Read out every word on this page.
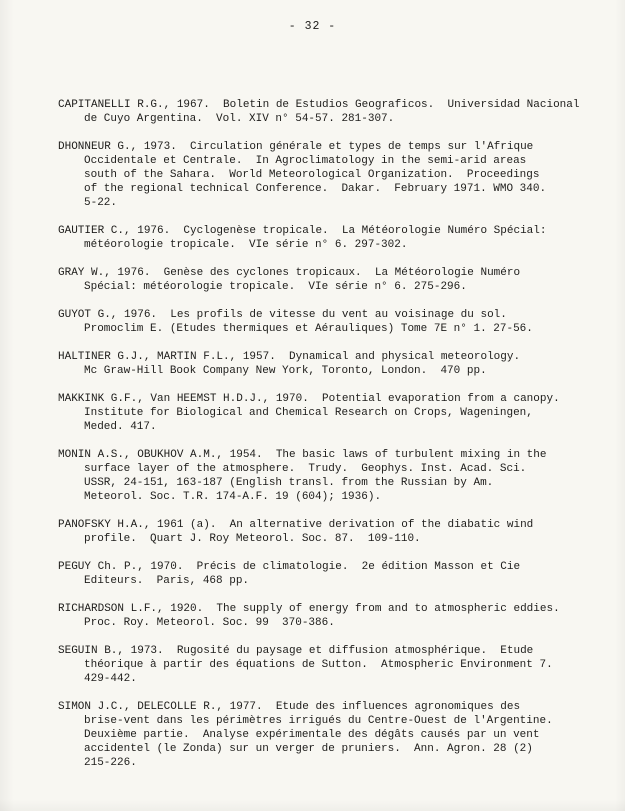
- 32 -
CAPITANELLI R.G., 1967.  Boletin de Estudios Geograficos.  Universidad Nacional
de Cuyo Argentina.  Vol. XIV n° 54-57. 281-307.
DHONNEUR G., 1973.  Circulation générale et types de temps sur l'Afrique
Occidentale et Centrale.  In Agroclimatology in the semi-arid areas
south of the Sahara.  World Meteorological Organization.  Proceedings
of the regional technical Conference.  Dakar.  February 1971. WMO 340.
5-22.
GAUTIER C., 1976.  Cyclogenèse tropicale.  La Météorologie Numéro Spécial:
météorologie tropicale.  VIe série n° 6. 297-302.
GRAY W., 1976.  Genèse des cyclones tropicaux.  La Météorologie Numéro
Spécial: météorologie tropicale.  VIe série n° 6. 275-296.
GUYOT G., 1976.  Les profils de vitesse du vent au voisinage du sol.
Promoclim E. (Etudes thermiques et Aérauliques) Tome 7E n° 1. 27-56.
HALTINER G.J., MARTIN F.L., 1957.  Dynamical and physical meteorology.
Mc Graw-Hill Book Company New York, Toronto, London.  470 pp.
MAKKINK G.F., Van HEEMST H.D.J., 1970.  Potential evaporation from a canopy.
Institute for Biological and Chemical Research on Crops, Wageningen,
Meded. 417.
MONIN A.S., OBUKHOV A.M., 1954.  The basic laws of turbulent mixing in the
surface layer of the atmosphere.  Trudy.  Geophys. Inst. Acad. Sci.
USSR, 24-151, 163-187 (English transl. from the Russian by Am.
Meteorol. Soc. T.R. 174-A.F. 19 (604); 1936).
PANOFSKY H.A., 1961 (a).  An alternative derivation of the diabatic wind
profile.  Quart J. Roy Meteorol. Soc. 87.  109-110.
PEGUY Ch. P., 1970.  Précis de climatologie.  2e édition Masson et Cie
Editeurs.  Paris, 468 pp.
RICHARDSON L.F., 1920.  The supply of energy from and to atmospheric eddies.
Proc. Roy. Meteorol. Soc. 99  370-386.
SEGUIN B., 1973.  Rugosité du paysage et diffusion atmosphérique.  Etude
théorique à partir des équations de Sutton.  Atmospheric Environment 7.
429-442.
SIMON J.C., DELECOLLE R., 1977.  Etude des influences agronomiques des
brise-vent dans les périmètres irrigués du Centre-Ouest de l'Argentine.
Deuxième partie.  Analyse expérimentale des dégâts causés par un vent
accidentel (le Zonda) sur un verger de pruniers.  Ann. Agron. 28 (2)
215-226.
